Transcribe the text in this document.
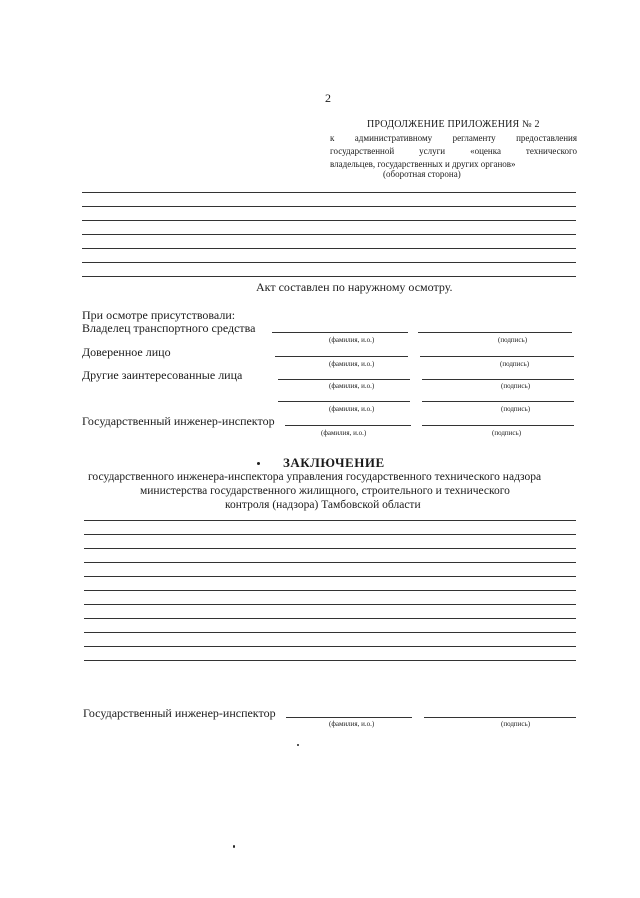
2
ПРОДОЛЖЕНИЕ ПРИЛОЖЕНИЯ № 2
к административному регламенту предоставления
государственной услуги «оценка технического
владельцев, государственных и других органов»
(оборотная сторона)
Акт составлен по наружному осмотру.
При осмотре присутствовали:
Владелец транспортного средства
(фамилия, и.о.)	(подпись)
Доверенное лицо
(фамилия, и.о.)	(подпись)
Другие заинтересованные лица
(фамилия, и.о.)	(подпись)
(фамилия, и.о.)	(подпись)
Государственный инженер-инспектор
(фамилия, и.о.)	(подпись)
ЗАКЛЮЧЕНИЕ
государственного инженера-инспектора управления государственного технического надзора
министерства государственного жилищного, строительного и технического
контроля (надзора) Тамбовской области
Государственный инженер-инспектор
(фамилия, и.о.)	(подпись)
